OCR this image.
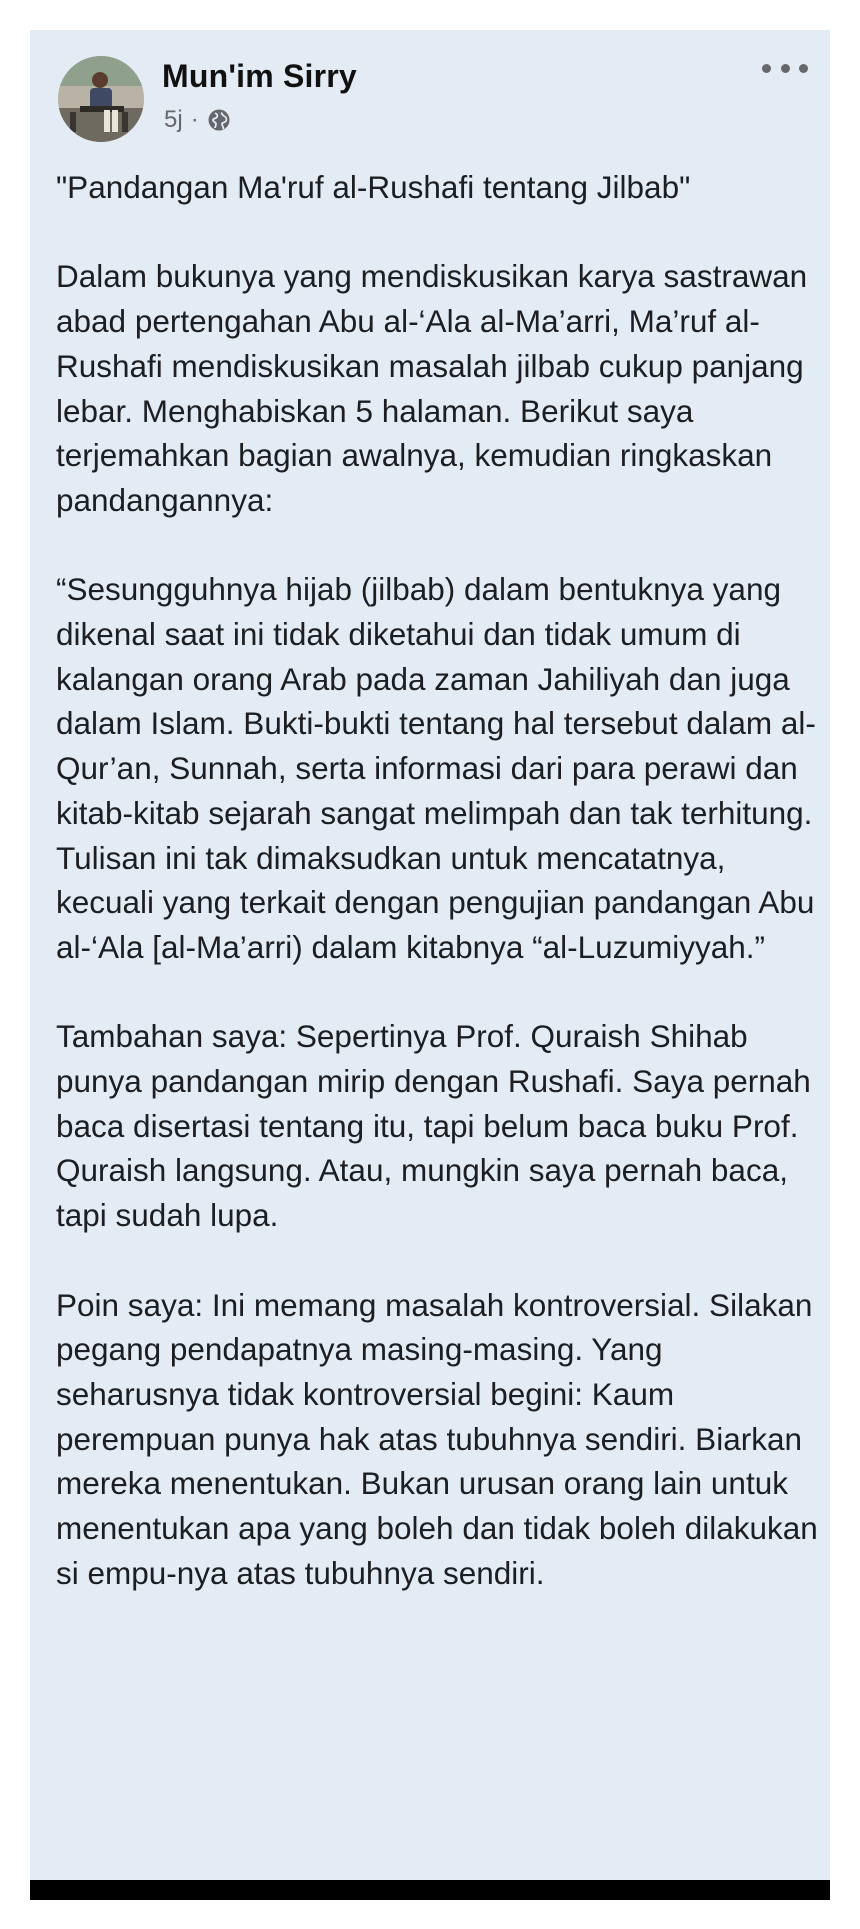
Mun'im Sirry
5j ·

"Pandangan Ma'ruf al-Rushafi tentang Jilbab"

Dalam bukunya yang mendiskusikan karya sastrawan abad pertengahan Abu al-‘Ala al-Ma’arri, Ma’ruf al-Rushafi mendiskusikan masalah jilbab cukup panjang lebar. Menghabiskan 5 halaman. Berikut saya terjemahkan bagian awalnya, kemudian ringkaskan pandangannya:

“Sesungguhnya hijab (jilbab) dalam bentuknya yang dikenal saat ini tidak diketahui dan tidak umum di kalangan orang Arab pada zaman Jahiliyah dan juga dalam Islam. Bukti-bukti tentang hal tersebut dalam al-Qur’an, Sunnah, serta informasi dari para perawi dan kitab-kitab sejarah sangat melimpah dan tak terhitung. Tulisan ini tak dimaksudkan untuk mencatatnya, kecuali yang terkait dengan pengujian pandangan Abu al-‘Ala [al-Ma’arri) dalam kitabnya “al-Luzumiyyah.”

Tambahan saya: Sepertinya Prof. Quraish Shihab punya pandangan mirip dengan Rushafi. Saya pernah baca disertasi tentang itu, tapi belum baca buku Prof. Quraish langsung. Atau, mungkin saya pernah baca, tapi sudah lupa.

Poin saya: Ini memang masalah kontroversial. Silakan pegang pendapatnya masing-masing. Yang seharusnya tidak kontroversial begini: Kaum perempuan punya hak atas tubuhnya sendiri. Biarkan mereka menentukan. Bukan urusan orang lain untuk menentukan apa yang boleh dan tidak boleh dilakukan si empu-nya atas tubuhnya sendiri.
